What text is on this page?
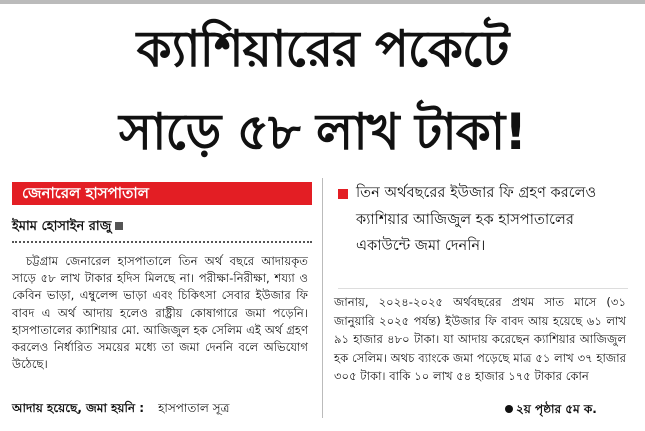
ক্যাশিয়ারের পকেটে
সাড়ে ৫৮ লাখ টাকা!
জেনারেল হাসপাতাল
ইমাম হোসাইন রাজু

চট্টগ্রাম জেনারেল হাসপাতালে তিন অর্থ বছরে আদায়কৃত সাড়ে ৫৮ লাখ টাকার হদিস মিলছে না। পরীক্ষা-নিরীক্ষা, শয্যা ও কেবিন ভাড়া, এম্বুলেন্স ভাড়া এবং চিকিৎসা সেবার ইউজার ফি বাবদ এ অর্থ আদায় হলেও রাষ্ট্রীয় কোষাগারে জমা পড়েনি। হাসপাতালের ক্যাশিয়ার মো. আজিজুল হক সেলিম এই অর্থ গ্রহণ করলেও নির্ধারিত সময়ের মধ্যে তা জমা দেননি বলে অভিযোগ উঠেছে।

আদায় হয়েছে, জমা হয়নি : হাসপাতাল সূত্র
তিন অর্থবছরের ইউজার ফি গ্রহণ করলেও ক্যাশিয়ার আজিজুল হক হাসপাতালের একাউন্টে জমা দেননি।

জানায়, ২০২৪-২০২৫ অর্থবছরের প্রথম সাত মাসে (৩১ জানুয়ারি ২০২৫ পর্যন্ত) ইউজার ফি বাবদ আয় হয়েছে ৬১ লাখ ৯১ হাজার ৪৮০ টাকা। যা আদায় করেছেন ক্যাশিয়ার আজিজুল হক সেলিম। অথচ ব্যাংকে জমা পড়েছে মাত্র ৫১ লাখ ৩৭ হাজার ৩০৫ টাকা। বাকি ১০ লাখ ৫৪ হাজার ১৭৫ টাকার কোন

২য় পৃষ্ঠার ৫ম ক.
